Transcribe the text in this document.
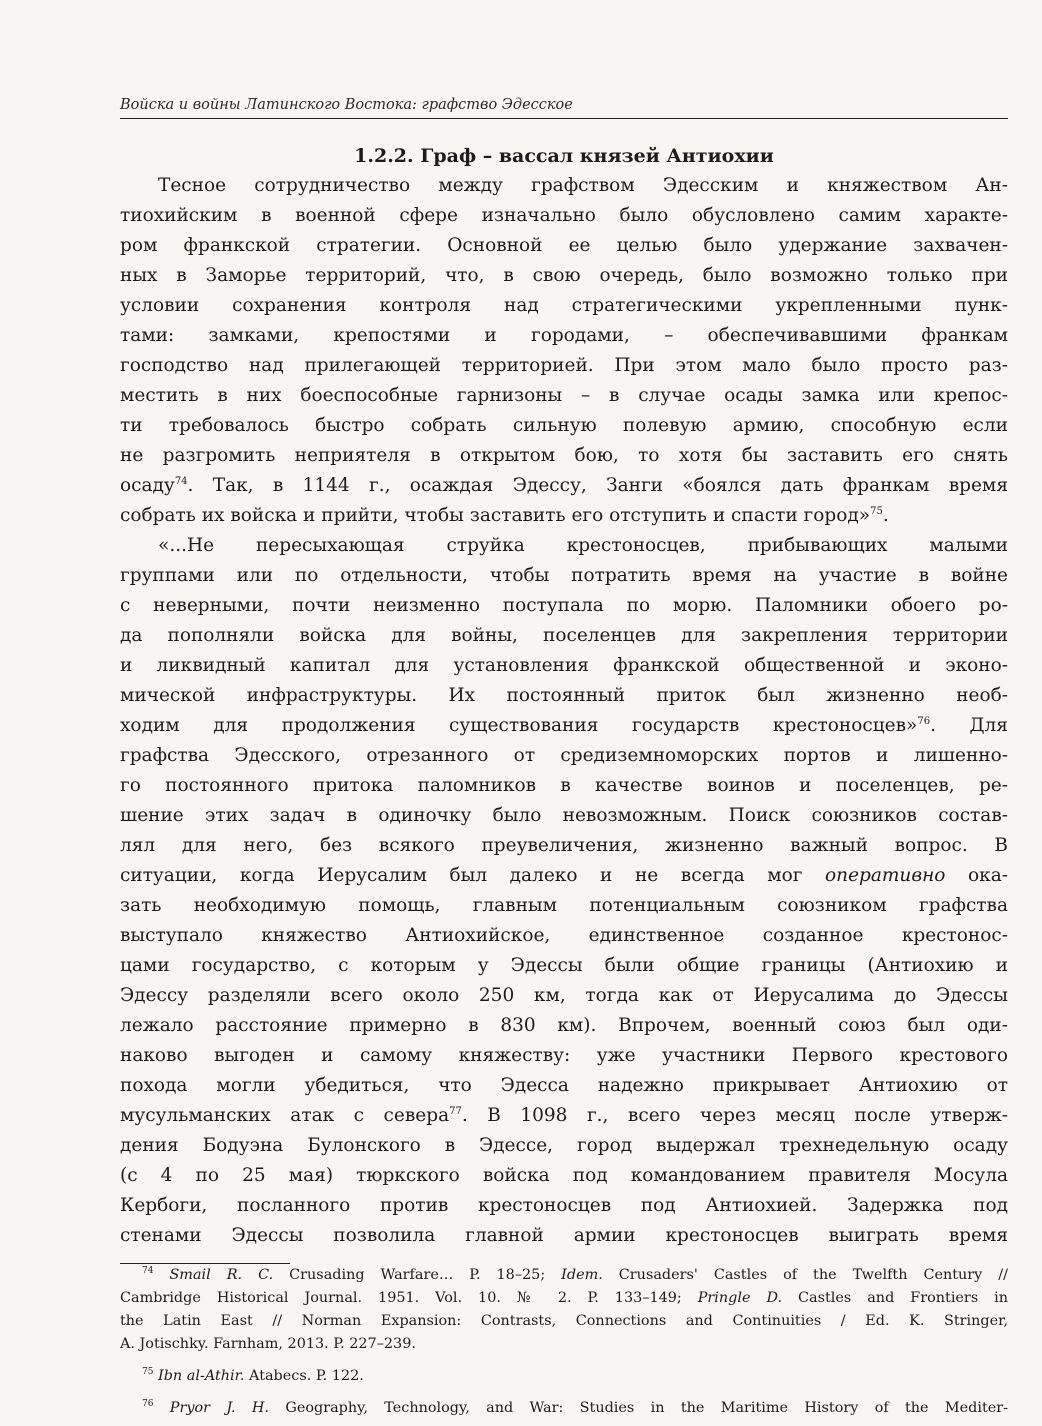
Войска и войны Латинского Востока: графство Эдесское
1.2.2. Граф – вассал князей Антиохии
Тесное сотрудничество между графством Эдесским и княжеством Ан-
тиохийским в военной сфере изначально было обусловлено самим характе-
ром франкской стратегии. Основной ее целью было удержание захвачен-
ных в Заморье территорий, что, в свою очередь, было возможно только при
условии сохранения контроля над стратегическими укрепленными пунк-
тами: замками, крепостями и городами, – обеспечивавшими франкам
господство над прилегающей территорией. При этом мало было просто раз-
местить в них боеспособные гарнизоны – в случае осады замка или крепос-
ти требовалось быстро собрать сильную полевую армию, способную если
не разгромить неприятеля в открытом бою, то хотя бы заставить его снять
осаду$^{74}$. Так, в 1144 г., осаждая Эдессу, Занги «боялся дать франкам время
собрать их войска и прийти, чтобы заставить его отступить и спасти город»$^{75}$.
«...Не пересыхающая струйка крестоносцев, прибывающих малыми
группами или по отдельности, чтобы потратить время на участие в войне
с неверными, почти неизменно поступала по морю. Паломники обоего ро-
да пополняли войска для войны, поселенцев для закрепления территории
и ликвидный капитал для установления франкской общественной и эконо-
мической инфраструктуры. Их постоянный приток был жизненно необ-
ходим для продолжения существования государств крестоносцев»$^{76}$. Для
графства Эдесского, отрезанного от средиземноморских портов и лишенно-
го постоянного притока паломников в качестве воинов и поселенцев, ре-
шение этих задач в одиночку было невозможным. Поиск союзников состав-
лял для него, без всякого преувеличения, жизненно важный вопрос. В
ситуации, когда Иерусалим был далеко и не всегда мог оперативно ока-
зать необходимую помощь, главным потенциальным союзником графства
выступало княжество Антиохийское, единственное созданное крестонос-
цами государство, с которым у Эдессы были общие границы (Антиохию и
Эдессу разделяли всего около 250 км, тогда как от Иерусалима до Эдессы
лежало расстояние примерно в 830 км). Впрочем, военный союз был оди-
наково выгоден и самому княжеству: уже участники Первого крестового
похода могли убедиться, что Эдесса надежно прикрывает Антиохию от
мусульманских атак с севера$^{77}$. В 1098 г., всего через месяц после утверж-
дения Бодуэна Булонского в Эдессе, город выдержал трехнедельную осаду
(с 4 по 25 мая) тюркского войска под командованием правителя Мосула
Кербоги, посланного против крестоносцев под Антиохией. Задержка под
стенами Эдессы позволила главной армии крестоносцев выиграть время
$^{74}$ Smail R. C. Crusading Warfare… P. 18–25; Idem. Crusaders' Castles of the Twelfth Century //
Cambridge Historical Journal. 1951. Vol. 10. № 2. P. 133–149; Pringle D. Castles and Frontiers in
the Latin East // Norman Expansion: Contrasts, Connections and Continuities / Ed. K. Stringer,
A. Jotischky. Farnham, 2013. P. 227–239.
$^{75}$ Ibn al-Athir. Atabecs. P. 122.
$^{76}$ Pryor J. H. Geography, Technology, and War: Studies in the Maritime History of the Mediter-
